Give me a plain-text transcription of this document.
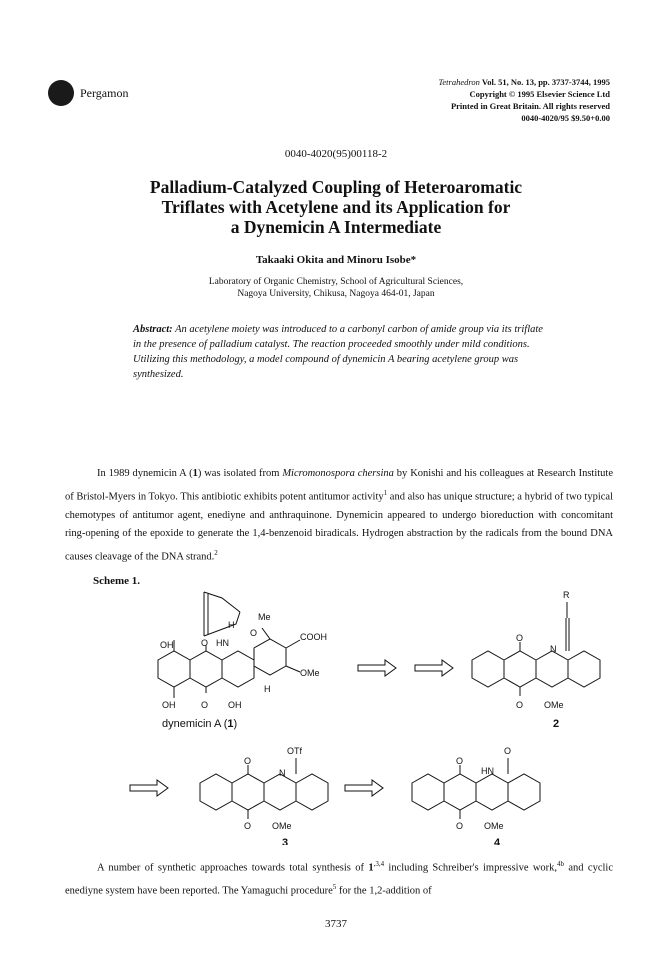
Pergamon
Tetrahedron Vol. 51, No. 13, pp. 3737-3744, 1995
Copyright © 1995 Elsevier Science Ltd
Printed in Great Britain. All rights reserved
0040-4020/95 $9.50+0.00
0040-4020(95)00118-2
Palladium-Catalyzed Coupling of Heteroaromatic
Triflates with Acetylene and its Application for
a Dynemicin A Intermediate
Takaaki Okita and Minoru Isobe*
Laboratory of Organic Chemistry, School of Agricultural Sciences,
Nagoya University, Chikusa, Nagoya 464-01, Japan
Abstract: An acetylene moiety was introduced to a carbonyl carbon of amide group via its triflate in the presence of palladium catalyst. The reaction proceeded smoothly under mild conditions. Utilizing this methodology, a model compound of dynemicin A bearing acetylene group was synthesized.
In 1989 dynemicin A (1) was isolated from Micromonospora chersina by Konishi and his colleagues at Research Institute of Bristol-Myers in Tokyo. This antibiotic exhibits potent antitumor activity$^1$ and also has unique structure; a hybrid of two typical chemotypes of antitumor agent, enediyne and anthraquinone. Dynemicin appeared to undergo bioreduction with concomitant ring-opening of the epoxide to generate the 1,4-benzenoid biradicals. Hydrogen abstraction by the radicals from the bound DNA causes cleavage of the DNA strand.$^2$
Scheme 1.
OH	O HN
O
H
Me
COOH
OMe
H
OH	O OH
dynemicin A (1)
R
N
O
O OMe
2
OTf
N
O
O OMe
3
O
HN
O
O OMe
4
A number of synthetic approaches towards total synthesis of $1^{,3,4}$ including Schreiber's impressive work,$^{4b}$ and cyclic enediyne system have been reported. The Yamaguchi procedure$^5$ for the 1,2-addition of
3737
